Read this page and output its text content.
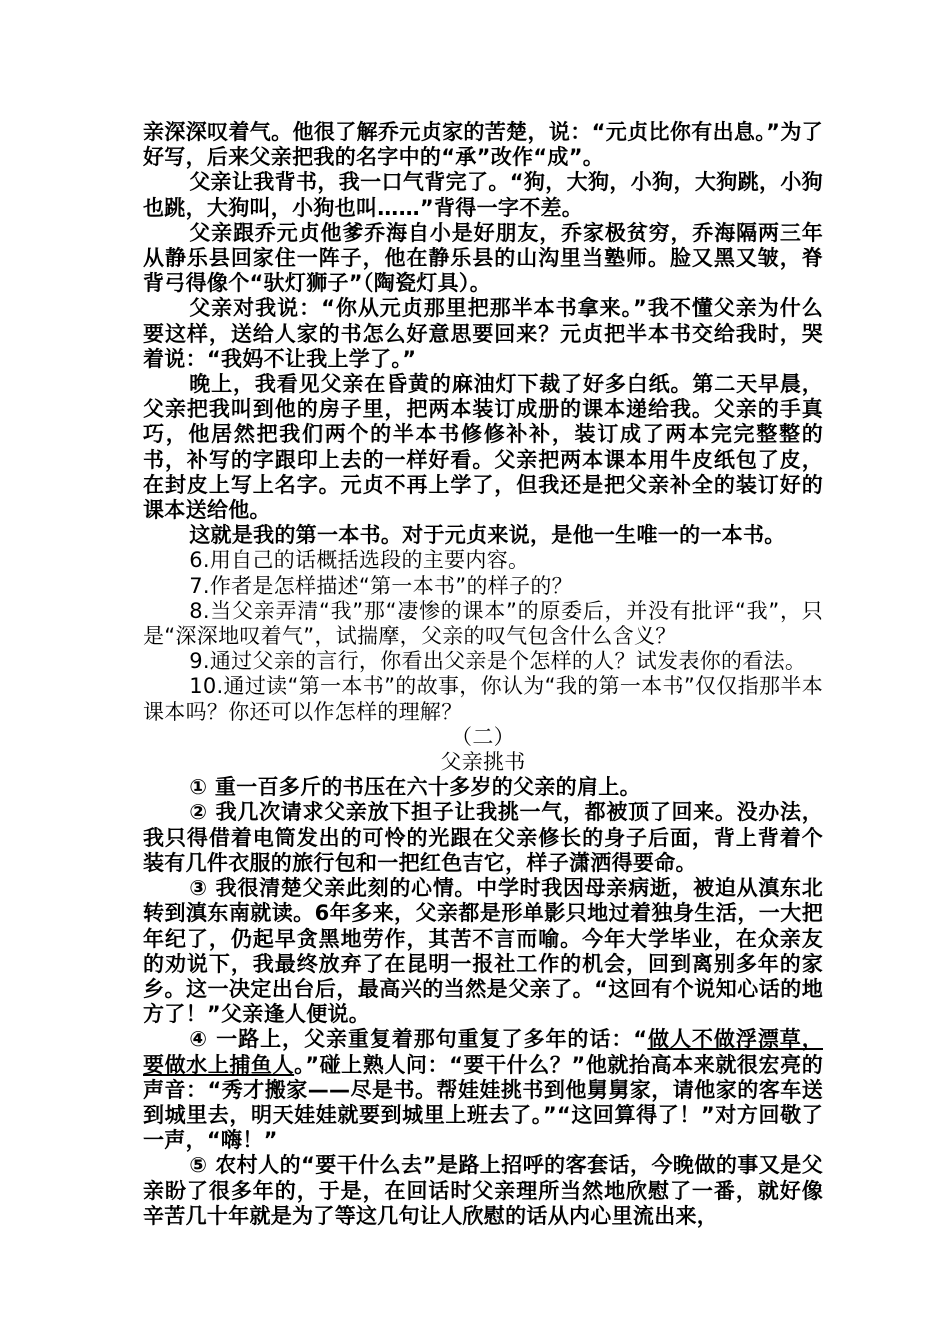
亲深深叹着气。他很了解乔元贞家的苦楚，说：“元贞比你有出息。”为了好写，后来父亲把我的名字中的“承”改作“成”。

父亲让我背书，我一口气背完了。“狗，大狗，小狗，大狗跳，小狗也跳，大狗叫，小狗也叫……”背得一字不差。

父亲跟乔元贞他爹乔海自小是好朋友，乔家极贫穷，乔海隔两三年从静乐县回家住一阵子，他在静乐县的山沟里当塾师。脸又黑又皱，脊背弓得像个“驮灯狮子”（陶瓷灯具）。

父亲对我说：“你从元贞那里把那半本书拿来。”我不懂父亲为什么要这样，送给人家的书怎么好意思要回来？元贞把半本书交给我时，哭着说：“我妈不让我上学了。”

晚上，我看见父亲在昏黄的麻油灯下裁了好多白纸。第二天早晨，父亲把我叫到他的房子里，把两本装订成册的课本递给我。父亲的手真巧，他居然把我们两个的半本书修修补补，装订成了两本完完整整的书，补写的字跟印上去的一样好看。父亲把两本课本用牛皮纸包了皮，在封皮上写上名字。元贞不再上学了，但我还是把父亲补全的装订好的课本送给他。

这就是我的第一本书。对于元贞来说，是他一生唯一的一本书。

6.用自己的话概括选段的主要内容。

7.作者是怎样描述“第一本书”的样子的？

8.当父亲弄清“我”那“凄惨的课本”的原委后，并没有批评“我”，只是“深深地叹着气”，试揣摩，父亲的叹气包含什么含义？

9.通过父亲的言行，你看出父亲是个怎样的人？试发表你的看法。

10.通过读“第一本书”的故事，你认为“我的第一本书”仅仅指那半本课本吗？你还可以作怎样的理解？

（二）

父亲挑书

① 重一百多斤的书压在六十多岁的父亲的肩上。

② 我几次请求父亲放下担子让我挑一气，都被顶了回来。没办法，我只得借着电筒发出的可怜的光跟在父亲修长的身子后面，背上背着个装有几件衣服的旅行包和一把红色吉它，样子潇洒得要命。

③ 我很清楚父亲此刻的心情。中学时我因母亲病逝，被迫从滇东北转到滇东南就读。6年多来，父亲都是形单影只地过着独身生活，一大把年纪了，仍起早贪黑地劳作，其苦不言而喻。今年大学毕业，在众亲友的劝说下，我最终放弃了在昆明一报社工作的机会，回到离别多年的家乡。这一决定出台后，最高兴的当然是父亲了。“这回有个说知心话的地方了！”父亲逢人便说。

④ 一路上，父亲重复着那句重复了多年的话：“做人不做浮漂草，要做水上捕鱼人。”碰上熟人问：“要干什么？”他就抬高本来就很宏亮的声音：“秀才搬家——尽是书。帮娃娃挑书到他舅舅家，请他家的客车送到城里去，明天娃娃就要到城里上班去了。”“这回算得了！”对方回敬了一声，“嗨！”

⑤ 农村人的“要干什么去”是路上招呼的客套话，今晚做的事又是父亲盼了很多年的，于是，在回话时父亲理所当然地欣慰了一番，就好像辛苦几十年就是为了等这几句让人欣慰的话从内心里流出来，
